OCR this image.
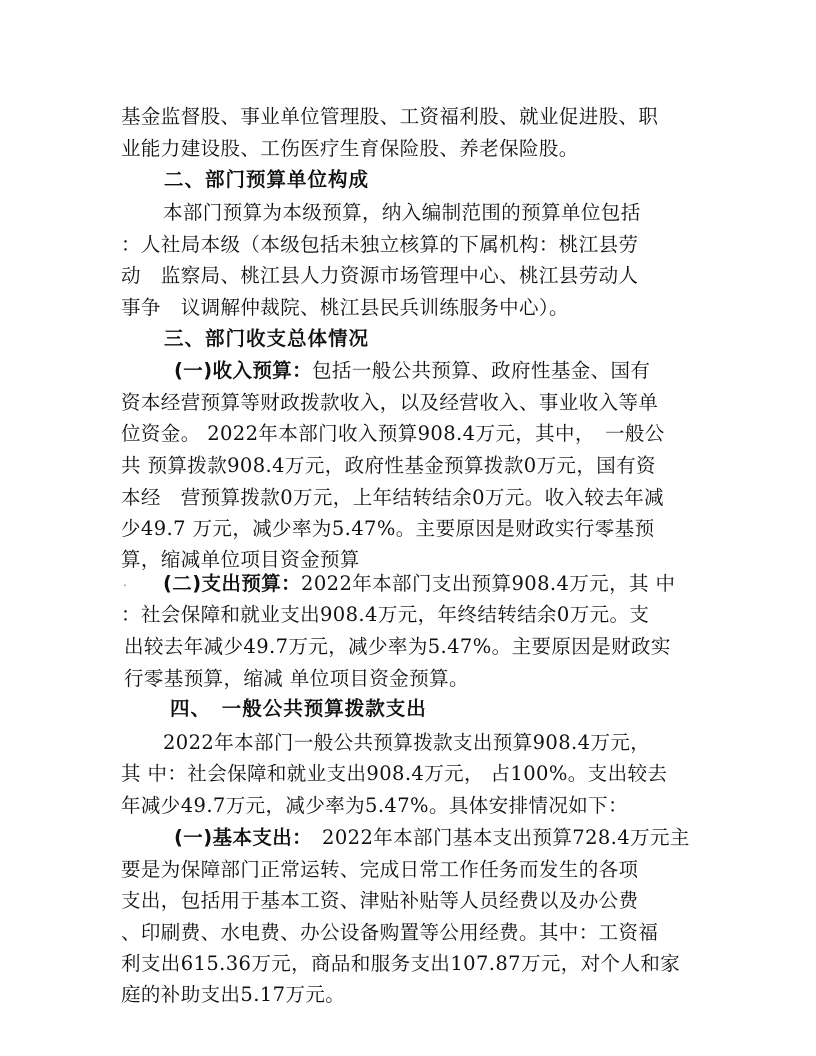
基金监督股、事业单位管理股、工资福利股、就业促进股、职
业能力建设股、工伤医疗生育保险股、养老保险股。
二、部门预算单位构成
本部门预算为本级预算，纳入编制范围的预算单位包括
：人社局本级（本级包括未独立核算的下属机构：桃江县劳
动　监察局、桃江县人力资源市场管理中心、桃江县劳动人
事争　议调解仲裁院、桃江县民兵训练服务中心）。
三、部门收支总体情况
(一)收入预算：包括一般公共预算、政府性基金、国有
资本经营预算等财政拨款收入，以及经营收入、事业收入等单
位资金。 2022年本部门收入预算908.4万元，其中，　一般公
共 预算拨款908.4万元，政府性基金预算拨款0万元，国有资
本经　营预算拨款0万元，上年结转结余0万元。收入较去年减
少49.7 万元，减少率为5.47%。主要原因是财政实行零基预
算，缩减单位项目资金预算
. (二)支出预算：2022年本部门支出预算908.4万元，其 中
：社会保障和就业支出908.4万元，年终结转结余0万元。支
出较去年减少49.7万元，减少率为5.47%。主要原因是财政实
行零基预算，缩减 单位项目资金预算。
四、　一般公共预算拨款支出
2022年本部门一般公共预算拨款支出预算908.4万元，
其 中：社会保障和就业支出908.4万元， 占100%。支出较去
年减少49.7万元，减少率为5.47%。具体安排情况如下：
(一)基本支出： 2022年本部门基本支出预算728.4万元主
要是为保障部门正常运转、完成日常工作任务而发生的各项
支出，包括用于基本工资、津贴补贴等人员经费以及办公费
、印刷费、水电费、办公设备购置等公用经费。其中：工资福
利支出615.36万元，商品和服务支出107.87万元，对个人和家
庭的补助支出5.17万元。
